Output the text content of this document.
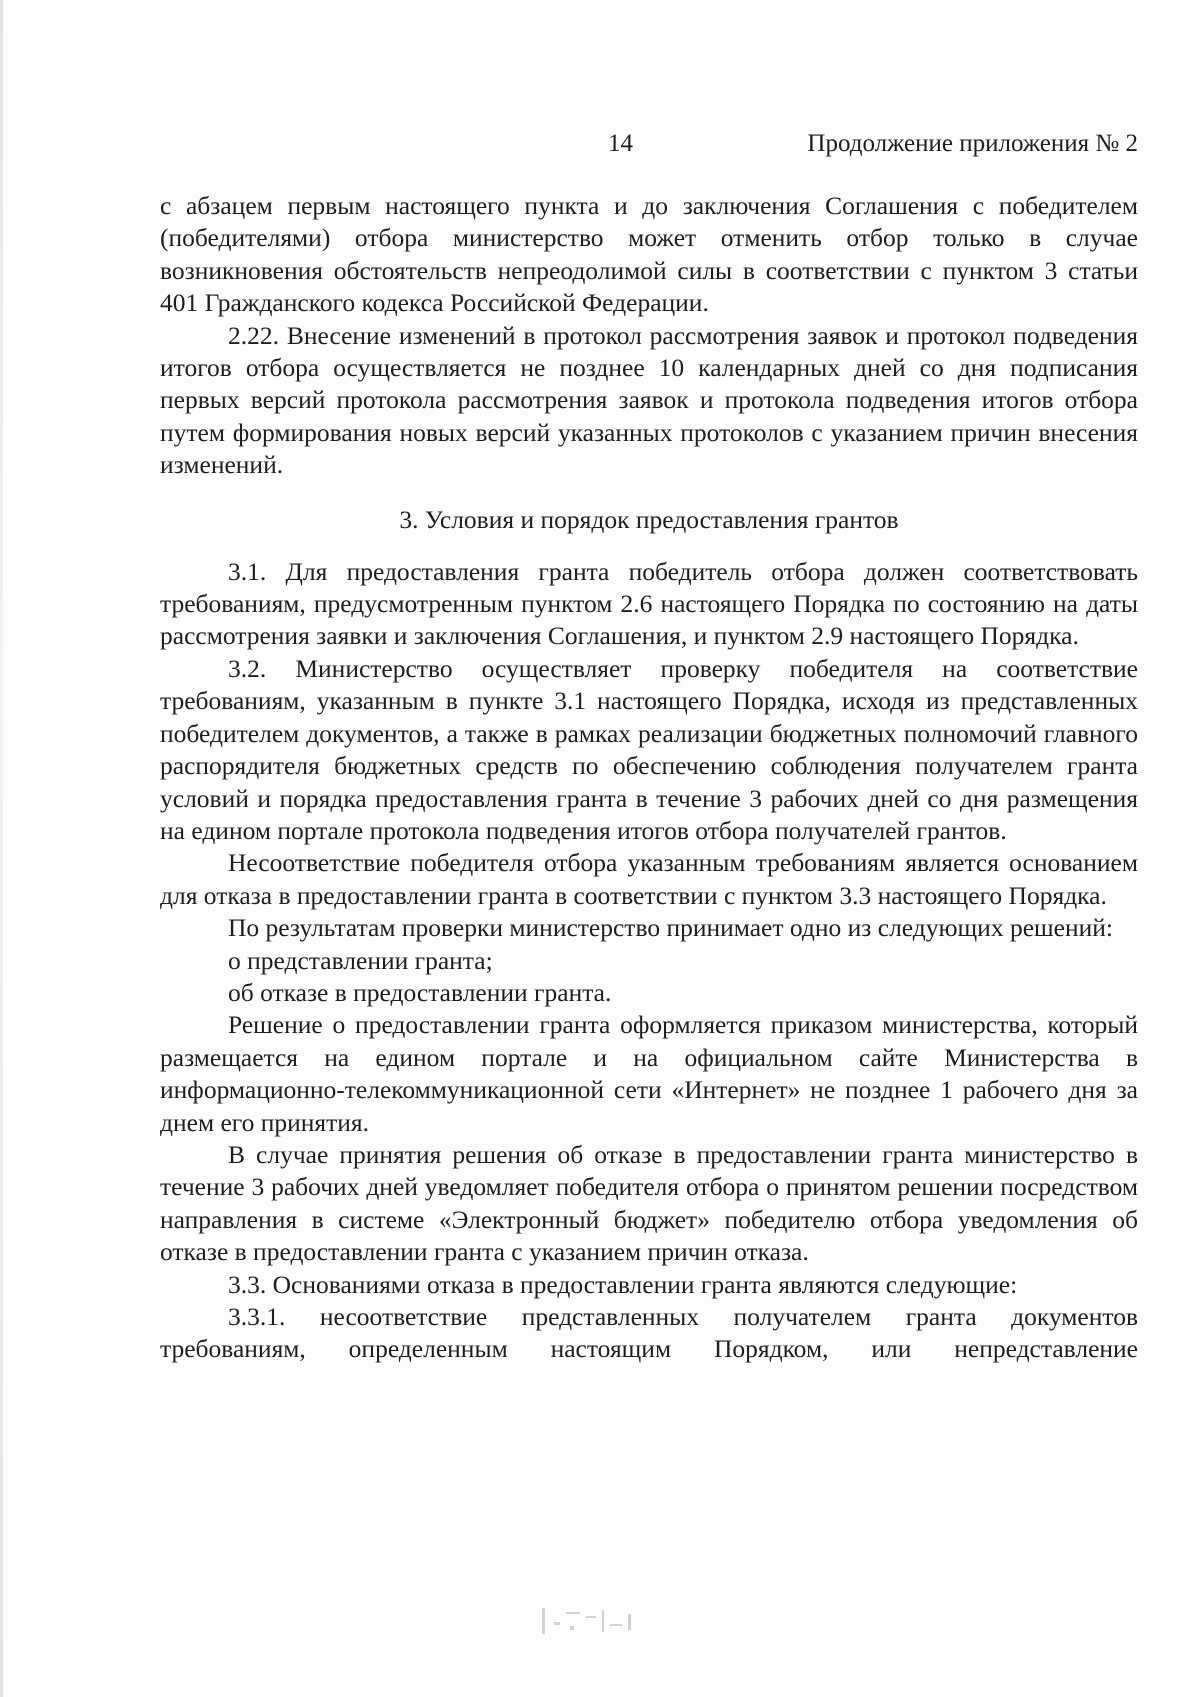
14	Продолжение приложения № 2

с абзацем первым настоящего пункта и до заключения Соглашения с победителем (победителями) отбора министерство может отменить отбор только в случае возникновения обстоятельств непреодолимой силы в соответствии с пунктом 3 статьи 401 Гражданского кодекса Российской Федерации.

2.22. Внесение изменений в протокол рассмотрения заявок и протокол подведения итогов отбора осуществляется не позднее 10 календарных дней со дня подписания первых версий протокола рассмотрения заявок и протокола подведения итогов отбора путем формирования новых версий указанных протоколов с указанием причин внесения изменений.

3. Условия и порядок предоставления грантов

3.1. Для предоставления гранта победитель отбора должен соответствовать требованиям, предусмотренным пунктом 2.6 настоящего Порядка по состоянию на даты рассмотрения заявки и заключения Соглашения, и пунктом 2.9 настоящего Порядка.

3.2. Министерство осуществляет проверку победителя на соответствие требованиям, указанным в пункте 3.1 настоящего Порядка, исходя из представленных победителем документов, а также в рамках реализации бюджетных полномочий главного распорядителя бюджетных средств по обеспечению соблюдения получателем гранта условий и порядка предоставления гранта в течение 3 рабочих дней со дня размещения на едином портале протокола подведения итогов отбора получателей грантов.

Несоответствие победителя отбора указанным требованиям является основанием для отказа в предоставлении гранта в соответствии с пунктом 3.3 настоящего Порядка.

По результатам проверки министерство принимает одно из следующих решений:

о представлении гранта;

об отказе в предоставлении гранта.

Решение о предоставлении гранта оформляется приказом министерства, который размещается на едином портале и на официальном сайте Министерства в информационно-телекоммуникационной сети «Интернет» не позднее 1 рабочего дня за днем его принятия.

В случае принятия решения об отказе в предоставлении гранта министерство в течение 3 рабочих дней уведомляет победителя отбора о принятом решении посредством направления в системе «Электронный бюджет» победителю отбора уведомления об отказе в предоставлении гранта с указанием причин отказа.

3.3. Основаниями отказа в предоставлении гранта являются следующие:

3.3.1. несоответствие представленных получателем гранта документов требованиям, определенным настоящим Порядком, или непредставление
